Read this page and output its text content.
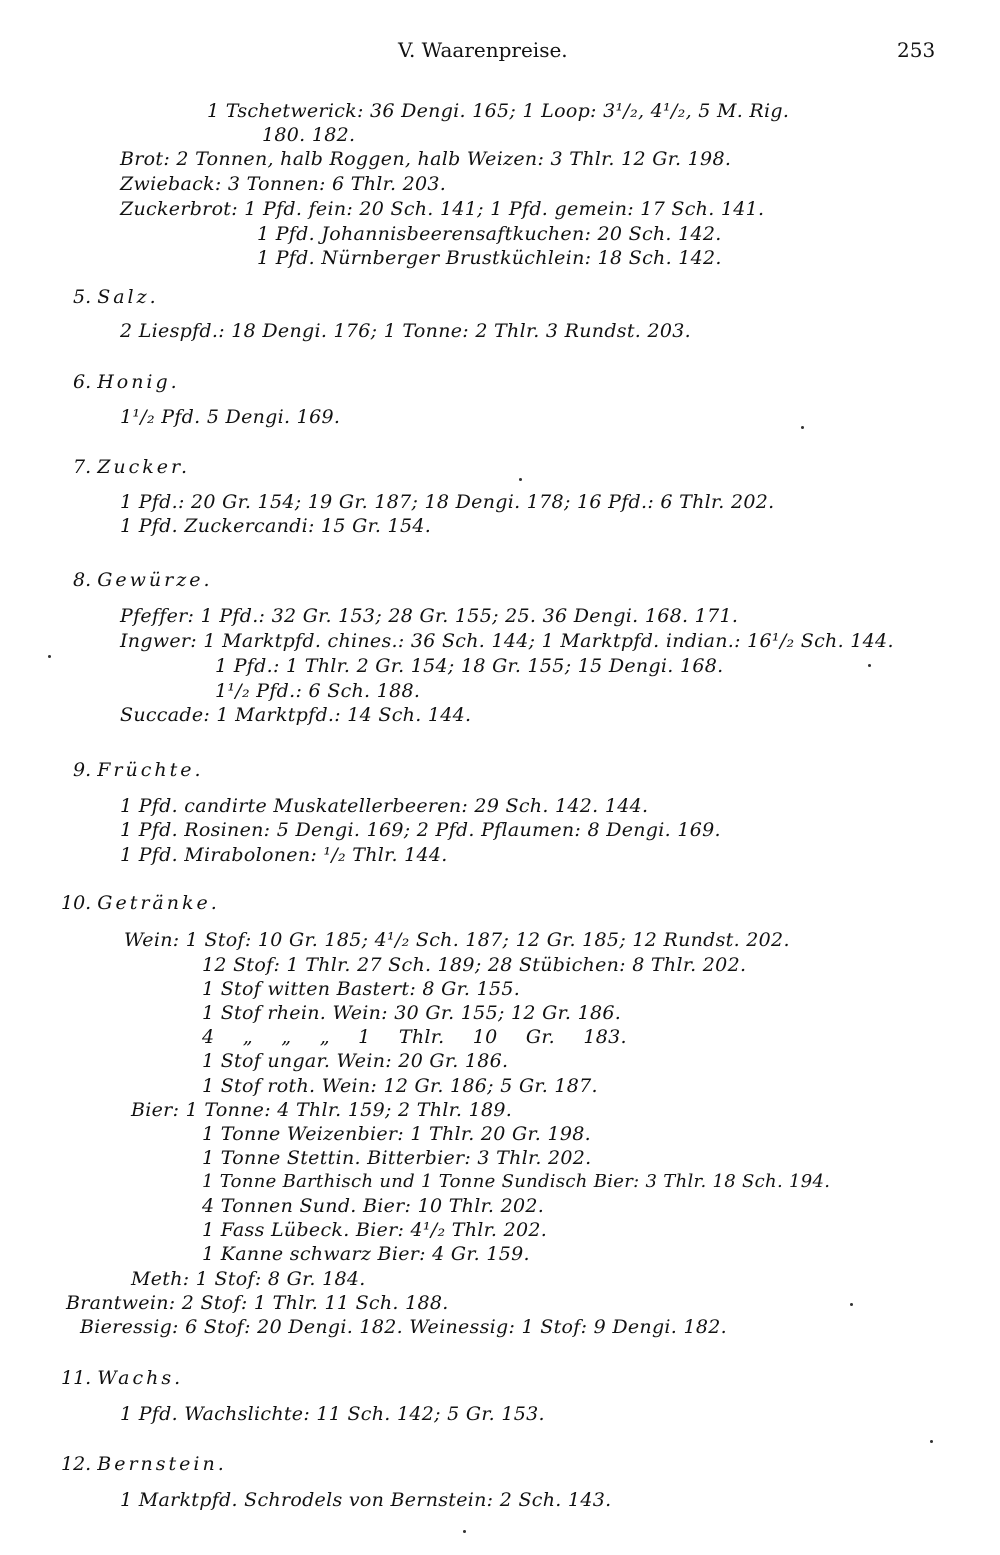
V. Waarenpreise.	253
1 Tschetwerick: 36 Dengi. 165; 1 Loop: 3¹/₂, 4¹/₂, 5 M. Rig.
180. 182.
Brot: 2 Tonnen, halb Roggen, halb Weizen: 3 Thlr. 12 Gr. 198.
Zwieback: 3 Tonnen: 6 Thlr. 203.
Zuckerbrot: 1 Pfd. fein: 20 Sch. 141; 1 Pfd. gemein: 17 Sch. 141.
1 Pfd. Johannisbeerensaftkuchen: 20 Sch. 142.
1 Pfd. Nürnberger Brustküchlein: 18 Sch. 142.
5. Salz.
2 Liespfd.: 18 Dengi. 176; 1 Tonne: 2 Thlr. 3 Rundst. 203.
6. Honig.
1¹/₂ Pfd. 5 Dengi. 169.
7. Zucker.
1 Pfd.: 20 Gr. 154; 19 Gr. 187; 18 Dengi. 178; 16 Pfd.: 6 Thlr. 202.
1 Pfd. Zuckercandi: 15 Gr. 154.
8. Gewürze.
Pfeffer: 1 Pfd.: 32 Gr. 153; 28 Gr. 155; 25. 36 Dengi. 168. 171.
Ingwer: 1 Marktpfd. chines.: 36 Sch. 144; 1 Marktpfd. indian.: 16¹/₂ Sch. 144.
1 Pfd.: 1 Thlr. 2 Gr. 154; 18 Gr. 155; 15 Dengi. 168.
1¹/₂ Pfd.: 6 Sch. 188.
Succade: 1 Marktpfd.: 14 Sch. 144.
9. Früchte.
1 Pfd. candirte Muskatellerbeeren: 29 Sch. 142. 144.
1 Pfd. Rosinen: 5 Dengi. 169; 2 Pfd. Pflaumen: 8 Dengi. 169.
1 Pfd. Mirabolonen: ¹/₂ Thlr. 144.
10. Getränke.
Wein: 1 Stof: 10 Gr. 185; 4¹/₂ Sch. 187; 12 Gr. 185; 12 Rundst. 202.
12 Stof: 1 Thlr. 27 Sch. 189; 28 Stübichen: 8 Thlr. 202.
1 Stof witten Bastert: 8 Gr. 155.
1 Stof rhein. Wein: 30 Gr. 155; 12 Gr. 186.
4 „ „ „ 1 Thlr. 10 Gr. 183.
1 Stof ungar. Wein: 20 Gr. 186.
1 Stof roth. Wein: 12 Gr. 186; 5 Gr. 187.
Bier: 1 Tonne: 4 Thlr. 159; 2 Thlr. 189.
1 Tonne Weizenbier: 1 Thlr. 20 Gr. 198.
1 Tonne Stettin. Bitterbier: 3 Thlr. 202.
1 Tonne Barthisch und 1 Tonne Sundisch Bier: 3 Thlr. 18 Sch. 194.
4 Tonnen Sund. Bier: 10 Thlr. 202.
1 Fass Lübeck. Bier: 4¹/₂ Thlr. 202.
1 Kanne schwarz Bier: 4 Gr. 159.
Meth: 1 Stof: 8 Gr. 184.
Brantwein: 2 Stof: 1 Thlr. 11 Sch. 188.
Bieressig: 6 Stof: 20 Dengi. 182. Weinessig: 1 Stof: 9 Dengi. 182.
11. Wachs.
1 Pfd. Wachslichte: 11 Sch. 142; 5 Gr. 153.
12. Bernstein.
1 Marktpfd. Schrodels von Bernstein: 2 Sch. 143.
